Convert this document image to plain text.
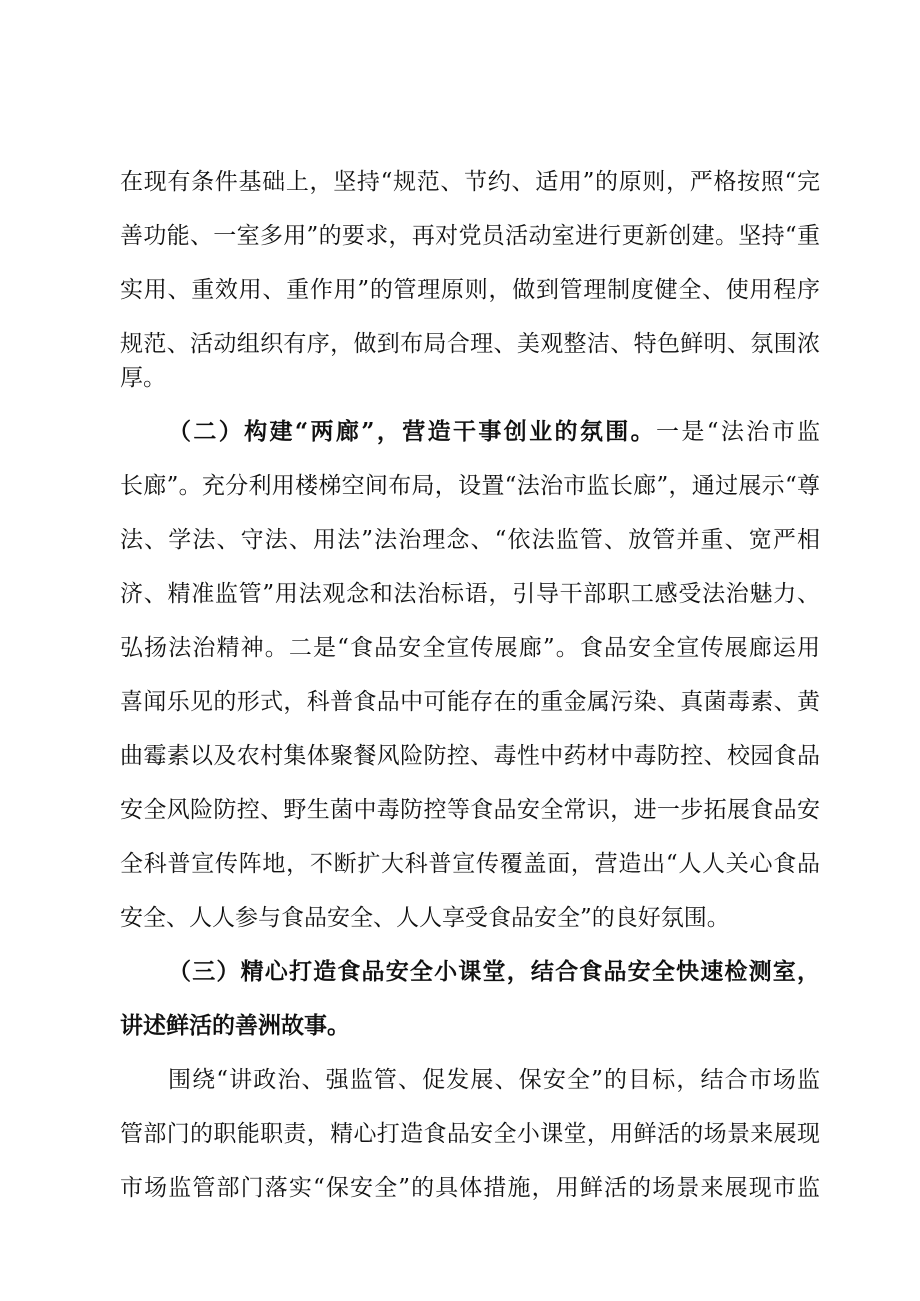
在现有条件基础上，坚持“规范、节约、适用”的原则，严格按照“完
善功能、一室多用”的要求，再对党员活动室进行更新创建。坚持“重
实用、重效用、重作用”的管理原则，做到管理制度健全、使用程序
规范、活动组织有序，做到布局合理、美观整洁、特色鲜明、氛围浓
厚。
（二）构建“两廊”，营造干事创业的氛围。一是“法治市监
长廊”。充分利用楼梯空间布局，设置“法治市监长廊”，通过展示“尊
法、学法、守法、用法”法治理念、“依法监管、放管并重、宽严相
济、精准监管”用法观念和法治标语，引导干部职工感受法治魅力、
弘扬法治精神。二是“食品安全宣传展廊”。食品安全宣传展廊运用
喜闻乐见的形式，科普食品中可能存在的重金属污染、真菌毒素、黄
曲霉素以及农村集体聚餐风险防控、毒性中药材中毒防控、校园食品
安全风险防控、野生菌中毒防控等食品安全常识，进一步拓展食品安
全科普宣传阵地，不断扩大科普宣传覆盖面，营造出“人人关心食品
安全、人人参与食品安全、人人享受食品安全”的良好氛围。
（三）精心打造食品安全小课堂，结合食品安全快速检测室，
讲述鲜活的善洲故事。
围绕“讲政治、强监管、促发展、保安全”的目标，结合市场监
管部门的职能职责，精心打造食品安全小课堂，用鲜活的场景来展现
市场监管部门落实“保安全”的具体措施，用鲜活的场景来展现市监
